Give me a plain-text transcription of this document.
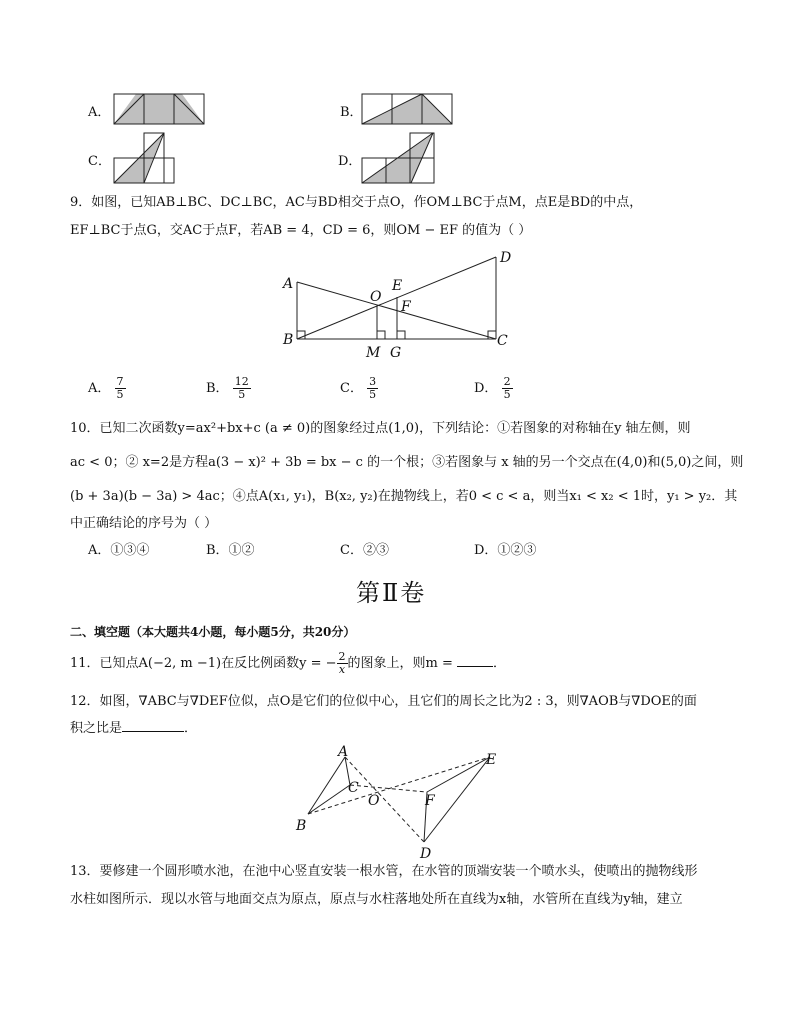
A．	B．
C．	D．
9．如图，已知AB⊥BC、DC⊥BC，AC与BD相交于点O，作OM⊥BC于点M，点E是BD的中点，
EF⊥BC于点G，交AC于点F，若AB = 4，CD = 6，则OM − EF 的值为（ ）
A
B	C
D
E
F
O
M G
A． $\frac{7}{5}$	B． $\frac{12}{5}$	C． $\frac{3}{5}$	D． $\frac{2}{5}$
10．已知二次函数y=ax²+bx+c (a ≠ 0)的图象经过点(1,0)，下列结论：①若图象的对称轴在y 轴左侧，则
ac < 0；② x=2是方程a(3 − x)² + 3b = bx − c 的一个根；③若图象与 x 轴的另一个交点在(4,0)和(5,0)之间，则
(b + 3a)(b − 3a) > 4ac；④点A(x₁, y₁)，B(x₂, y₂)在抛物线上，若0 < c < a，则当x₁ < x₂ < 1时，y₁ > y₂．其
中正确结论的序号为（ ）
A．①③④	B．①②	C．②③	D．①②③
第Ⅱ卷
二、填空题（本大题共4小题，每小题5分，共20分）
11．已知点A(−2, m −1)在反比例函数y = − $\frac{2}{x}$ 的图象上，则m =	．
12．如图，∇ABC与∇DEF位似，点O是它们的位似中心，且它们的周长之比为2 : 3，则∇AOB与∇DOE的面
积之比是	．
A
B
C
D
E
F
O
13．要修建一个圆形喷水池，在池中心竖直安装一根水管，在水管的顶端安装一个喷水头，使喷出的抛物线形
水柱如图所示．现以水管与地面交点为原点，原点与水柱落地处所在直线为x轴，水管所在直线为y轴，建立
